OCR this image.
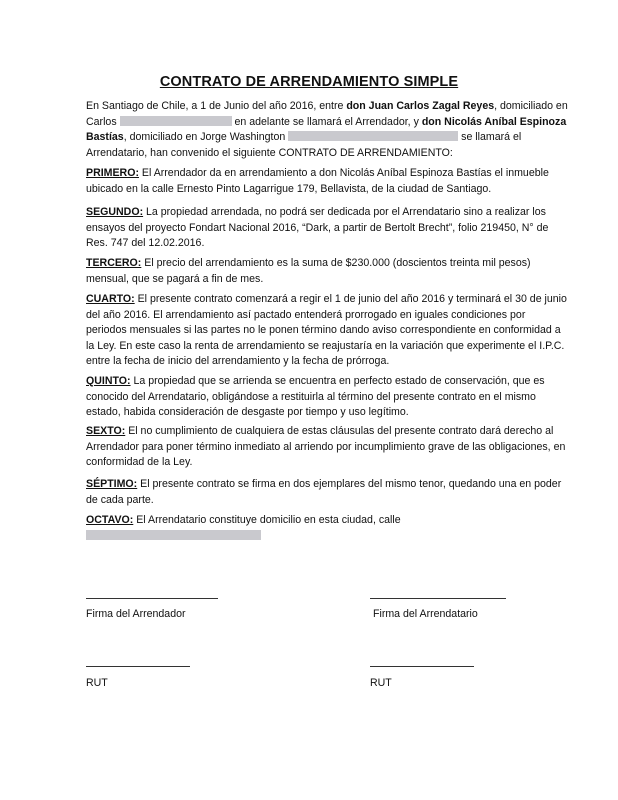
CONTRATO DE ARRENDAMIENTO SIMPLE
En Santiago de Chile, a 1 de Junio del año 2016, entre don Juan Carlos Zagal Reyes, domiciliado en Carlos	en adelante se llamará el Arrendador, y don Nicolás Aníbal Espinoza Bastías, domiciliado en Jorge Washington	se llamará el Arrendatario, han convenido el siguiente CONTRATO DE ARRENDAMIENTO:
PRIMERO: El Arrendador da en arrendamiento a don Nicolás Aníbal Espinoza Bastías el inmueble ubicado en la calle Ernesto Pinto Lagarrigue 179, Bellavista, de la ciudad de Santiago.
SEGUNDO: La propiedad arrendada, no podrá ser dedicada por el Arrendatario sino a realizar los ensayos del proyecto Fondart Nacional 2016, “Dark, a partir de Bertolt Brecht”, folio 219450, N° de Res. 747 del 12.02.2016.
TERCERO: El precio del arrendamiento es la suma de $230.000 (doscientos treinta mil pesos) mensual, que se pagará a fin de mes.
CUARTO: El presente contrato comenzará a regir el 1 de junio del año 2016 y terminará el 30 de junio del año 2016. El arrendamiento así pactado entenderá prorrogado en iguales condiciones por periodos mensuales si las partes no le ponen término dando aviso correspondiente en conformidad a la Ley. En este caso la renta de arrendamiento se reajustaría en la variación que experimente el I.P.C. entre la fecha de inicio del arrendamiento y la fecha de prórroga.
QUINTO: La propiedad que se arrienda se encuentra en perfecto estado de conservación, que es conocido del Arrendatario, obligándose a restituirla al término del presente contrato en el mismo estado, habida consideración de desgaste por tiempo y uso legítimo.
SEXTO: El no cumplimiento de cualquiera de estas cláusulas del presente contrato dará derecho al Arrendador para poner término inmediato al arriendo por incumplimiento grave de las obligaciones, en conformidad de la Ley.
SÉPTIMO: El presente contrato se firma en dos ejemplares del mismo tenor, quedando una en poder de cada parte.
OCTAVO: El Arrendatario constituye domicilio en esta ciudad, calle
Firma del Arrendador	Firma del Arrendatario
RUT	RUT
